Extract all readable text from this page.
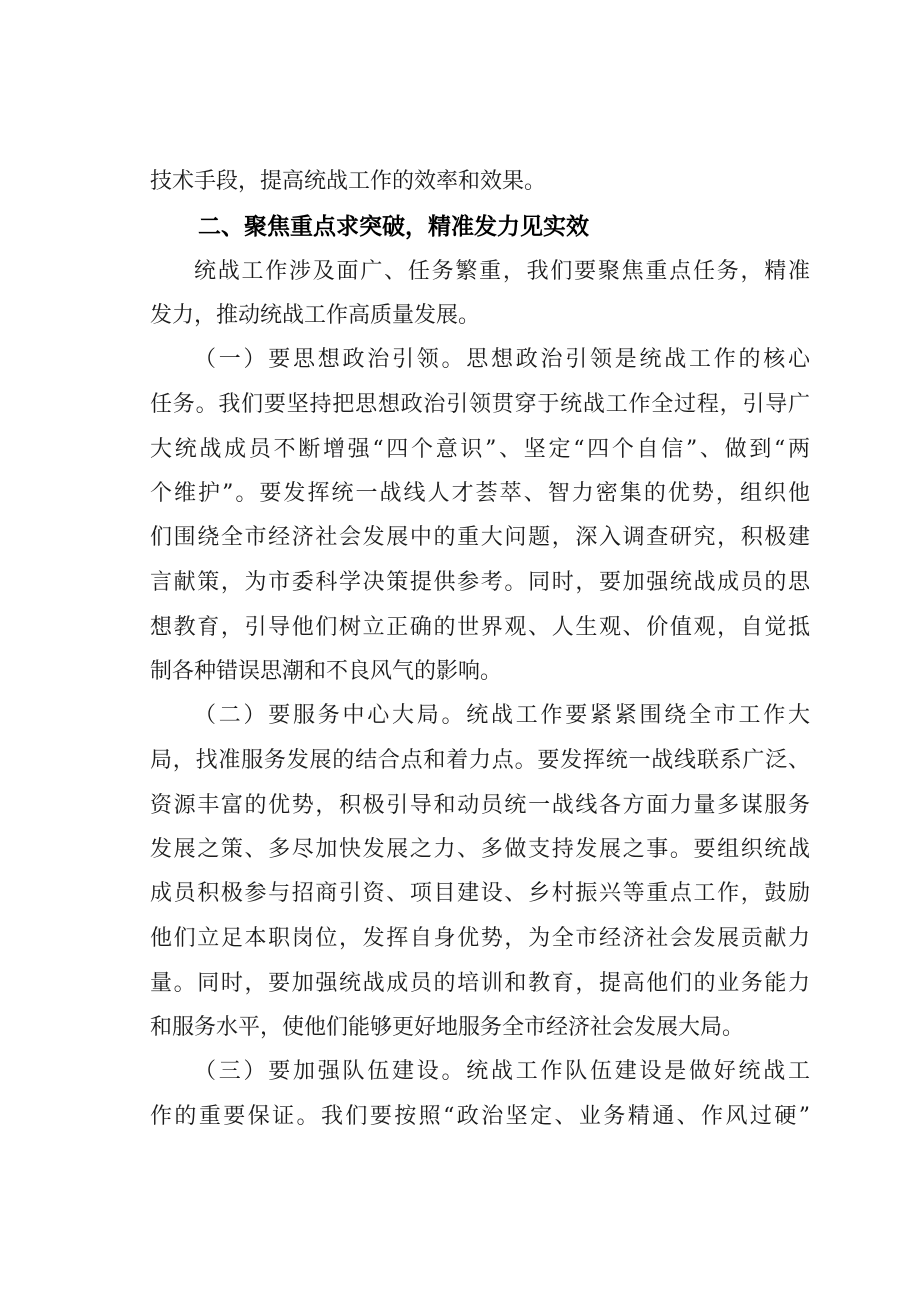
技术手段，提高统战工作的效率和效果。
二、聚焦重点求突破，精准发力见实效
统战工作涉及面广、任务繁重，我们要聚焦重点任务，精准
发力，推动统战工作高质量发展。
（一）要思想政治引领。思想政治引领是统战工作的核心
任务。我们要坚持把思想政治引领贯穿于统战工作全过程，引导广
大统战成员不断增强“四个意识”、坚定“四个自信”、做到“两
个维护”。要发挥统一战线人才荟萃、智力密集的优势，组织他
们围绕全市经济社会发展中的重大问题，深入调查研究，积极建
言献策，为市委科学决策提供参考。同时，要加强统战成员的思
想教育，引导他们树立正确的世界观、人生观、价值观，自觉抵
制各种错误思潮和不良风气的影响。
（二）要服务中心大局。统战工作要紧紧围绕全市工作大
局，找准服务发展的结合点和着力点。要发挥统一战线联系广泛、
资源丰富的优势，积极引导和动员统一战线各方面力量多谋服务
发展之策、多尽加快发展之力、多做支持发展之事。要组织统战
成员积极参与招商引资、项目建设、乡村振兴等重点工作，鼓励
他们立足本职岗位，发挥自身优势，为全市经济社会发展贡献力
量。同时，要加强统战成员的培训和教育，提高他们的业务能力
和服务水平，使他们能够更好地服务全市经济社会发展大局。
（三）要加强队伍建设。统战工作队伍建设是做好统战工
作的重要保证。我们要按照“政治坚定、业务精通、作风过硬”
